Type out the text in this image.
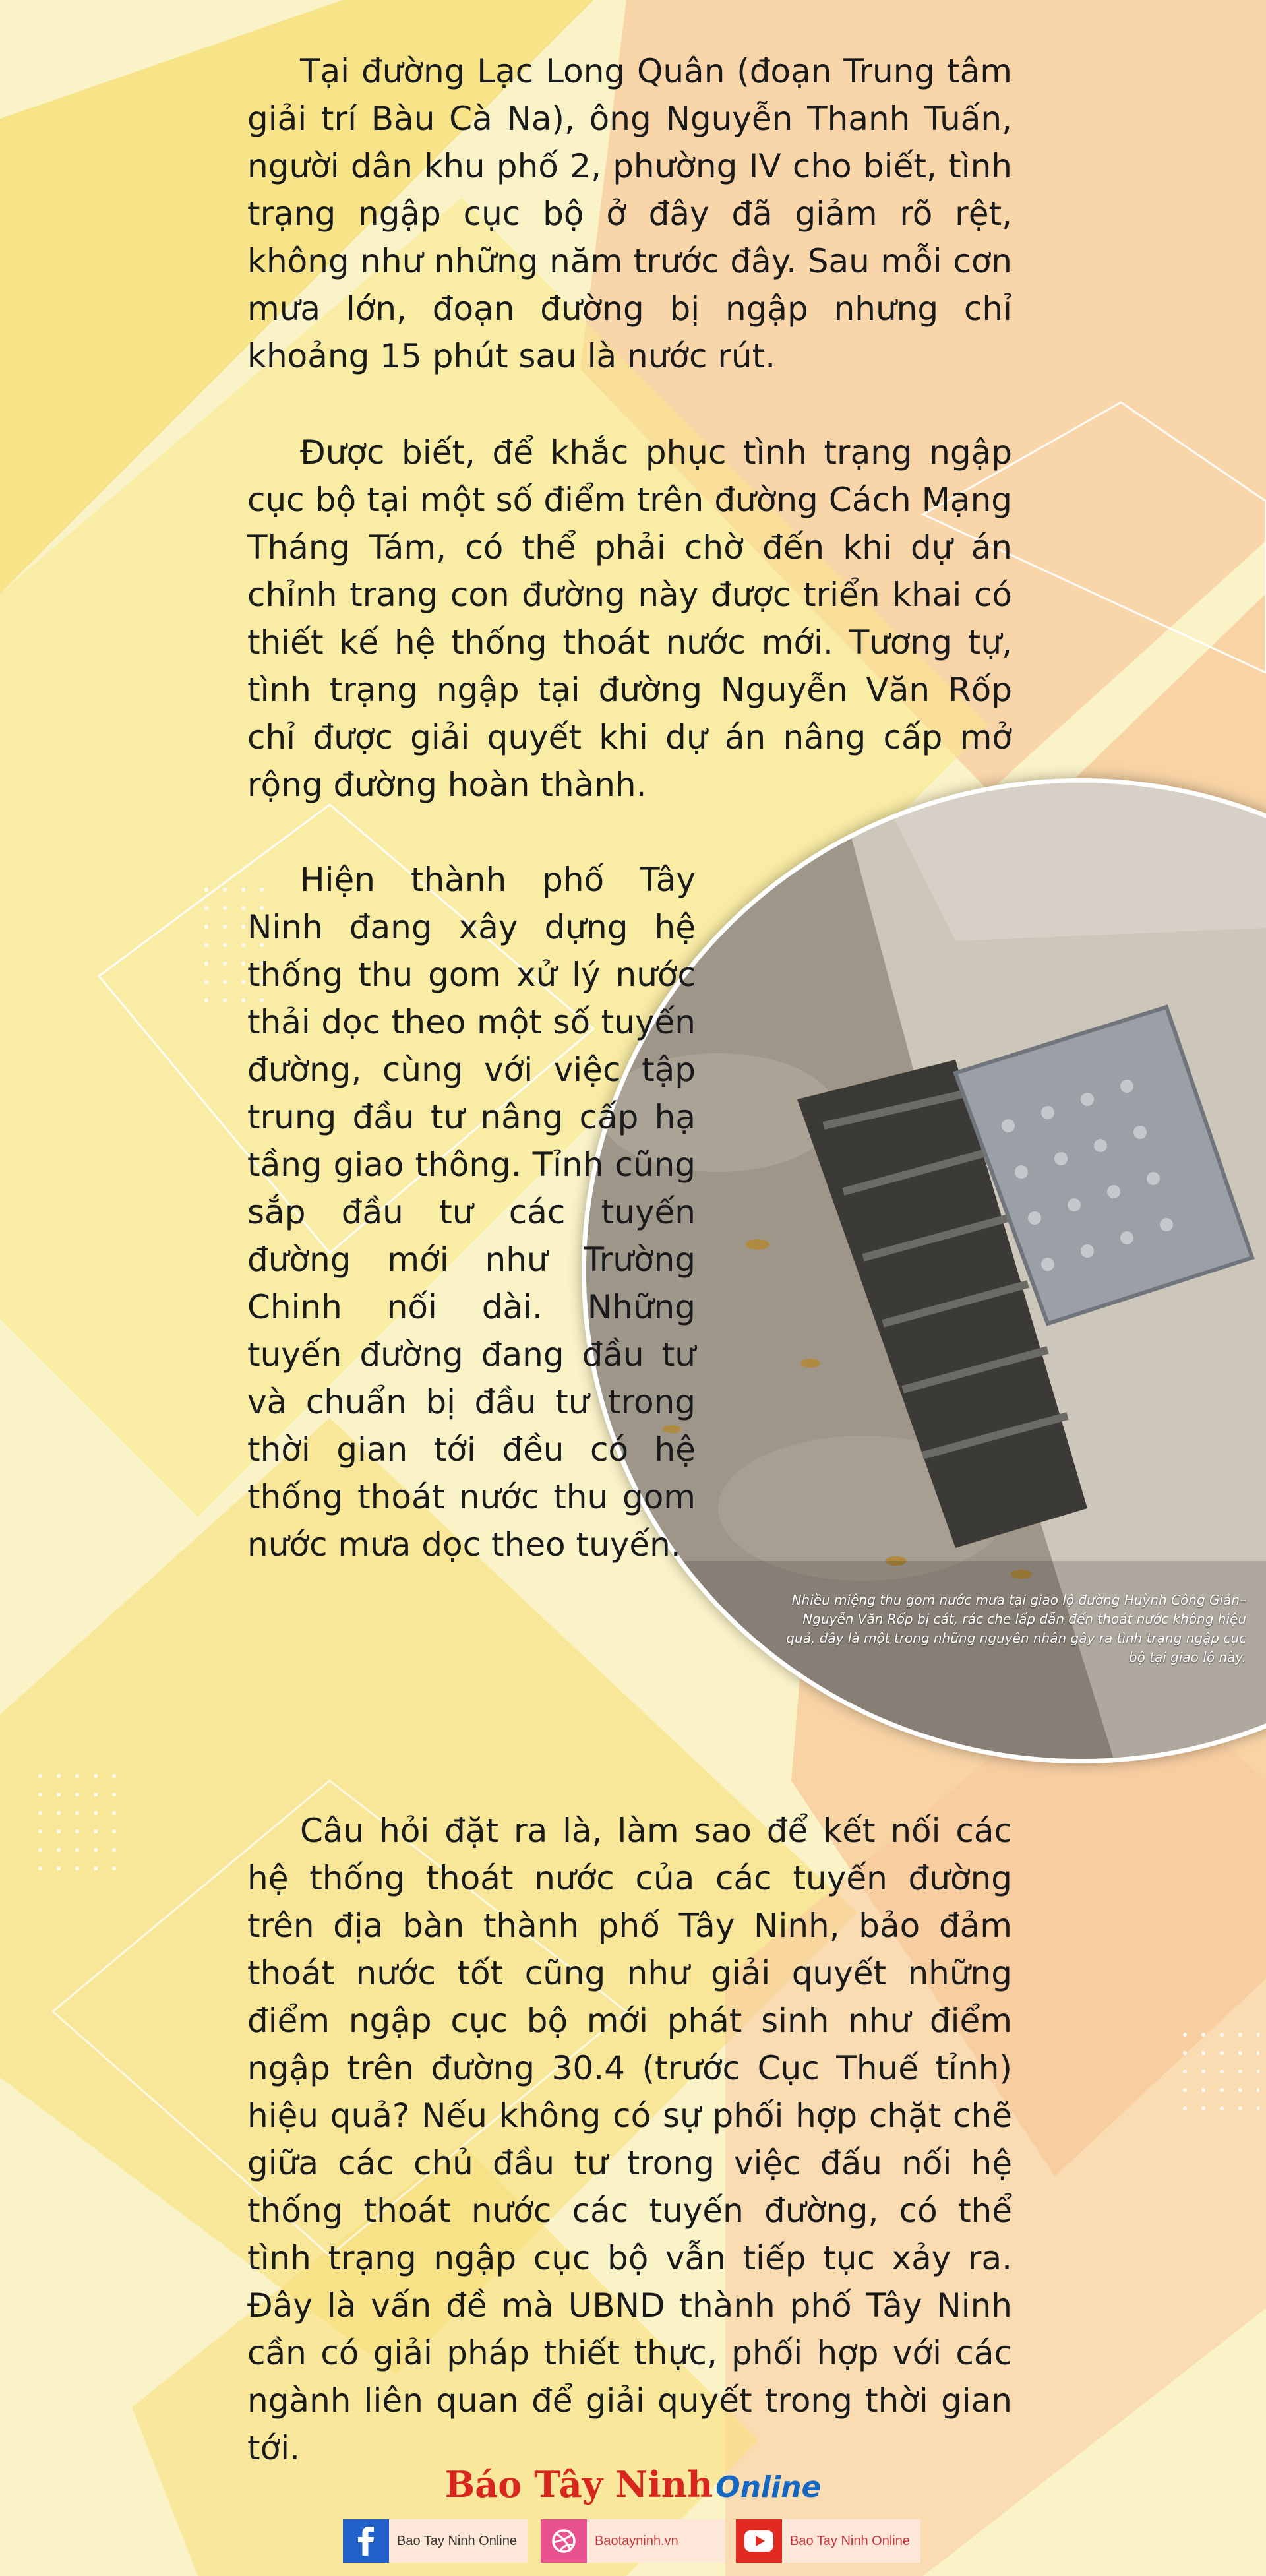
Tại đường Lạc Long Quân (đoạn Trung tâm giải trí Bàu Cà Na), ông Nguyễn Thanh Tuấn, người dân khu phố 2, phường IV cho biết, tình trạng ngập cục bộ ở đây đã giảm rõ rệt, không như những năm trước đây. Sau mỗi cơn mưa lớn, đoạn đường bị ngập nhưng chỉ khoảng 15 phút sau là nước rút.

Được biết, để khắc phục tình trạng ngập cục bộ tại một số điểm trên đường Cách Mạng Tháng Tám, có thể phải chờ đến khi dự án chỉnh trang con đường này được triển khai có thiết kế hệ thống thoát nước mới. Tương tự, tình trạng ngập tại đường Nguyễn Văn Rốp chỉ được giải quyết khi dự án nâng cấp mở rộng đường hoàn thành.

Nhiều miệng thu gom nước mưa tại giao lộ đường Huỳnh Công Giản–Nguyễn Văn Rốp bị cát, rác che lấp dẫn đến thoát nước không hiệu quả, đây là một trong những nguyên nhân gây ra tình trạng ngập cục bộ tại giao lộ này.

Hiện thành phố Tây Ninh đang xây dựng hệ thống thu gom xử lý nước thải dọc theo một số tuyến đường, cùng với việc tập trung đầu tư nâng cấp hạ tầng giao thông. Tỉnh cũng sắp đầu tư các tuyến đường mới như Trường Chinh nối dài. Những tuyến đường đang đầu tư và chuẩn bị đầu tư trong thời gian tới đều có hệ thống thoát nước thu gom nước mưa dọc theo tuyến.

Câu hỏi đặt ra là, làm sao để kết nối các hệ thống thoát nước của các tuyến đường trên địa bàn thành phố Tây Ninh, bảo đảm thoát nước tốt cũng như giải quyết những điểm ngập cục bộ mới phát sinh như điểm ngập trên đường 30.4 (trước Cục Thuế tỉnh) hiệu quả? Nếu không có sự phối hợp chặt chẽ giữa các chủ đầu tư trong việc đấu nối hệ thống thoát nước các tuyến đường, có thể tình trạng ngập cục bộ vẫn tiếp tục xảy ra. Đây là vấn đề mà UBND thành phố Tây Ninh cần có giải pháp thiết thực, phối hợp với các ngành liên quan để giải quyết trong thời gian tới.

Báo Tây NinhOnline
Bao Tay Ninh Online	Baotayninh.vn	Bao Tay Ninh Online
